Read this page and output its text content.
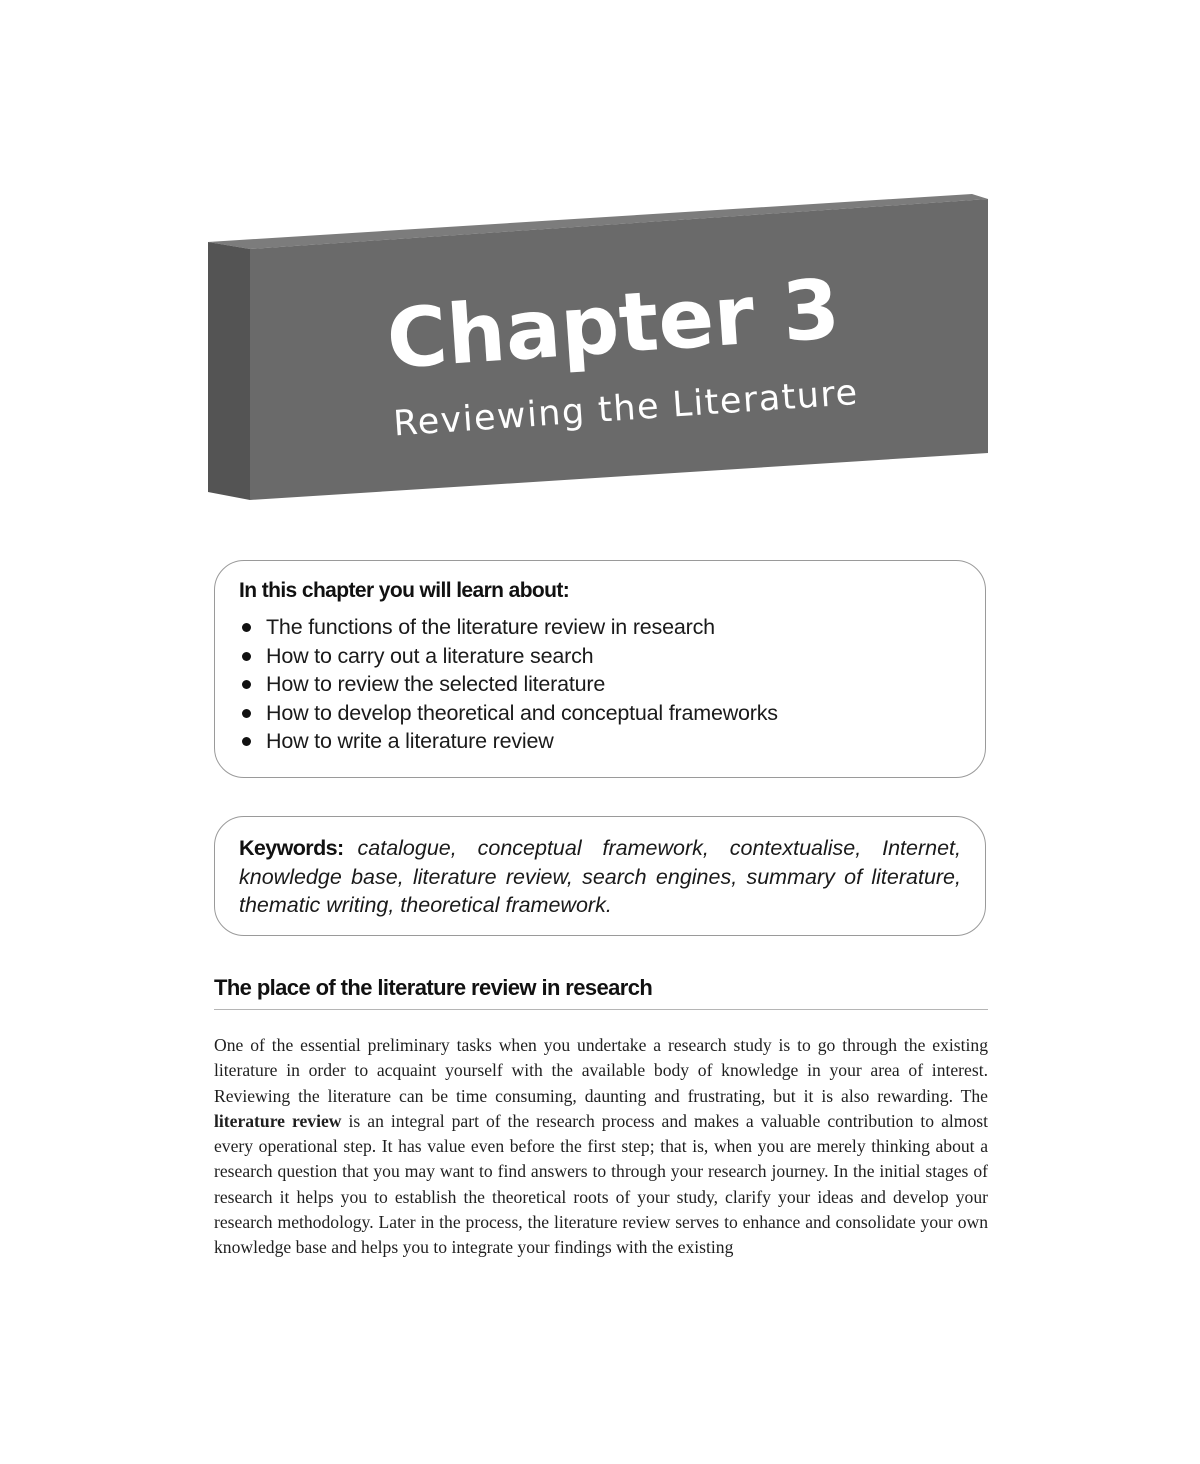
Chapter 3
Reviewing the Literature
In this chapter you will learn about:
The functions of the literature review in research
How to carry out a literature search
How to review the selected literature
How to develop theoretical and conceptual frameworks
How to write a literature review
Keywords: catalogue, conceptual framework, contextualise, Internet, knowledge base, literature review, search engines, summary of literature, thematic writing, theoretical framework.
The place of the literature review in research

One of the essential preliminary tasks when you undertake a research study is to go through the existing literature in order to acquaint yourself with the available body of knowledge in your area of interest. Reviewing the literature can be time consuming, daunting and frustrating, but it is also rewarding. The literature review is an integral part of the research process and makes a valuable contribution to almost every operational step. It has value even before the first step; that is, when you are merely thinking about a research question that you may want to find answers to through your research journey. In the initial stages of research it helps you to establish the theoretical roots of your study, clarify your ideas and develop your research methodology. Later in the process, the literature review serves to enhance and consolidate your own knowledge base and helps you to integrate your findings with the existing
